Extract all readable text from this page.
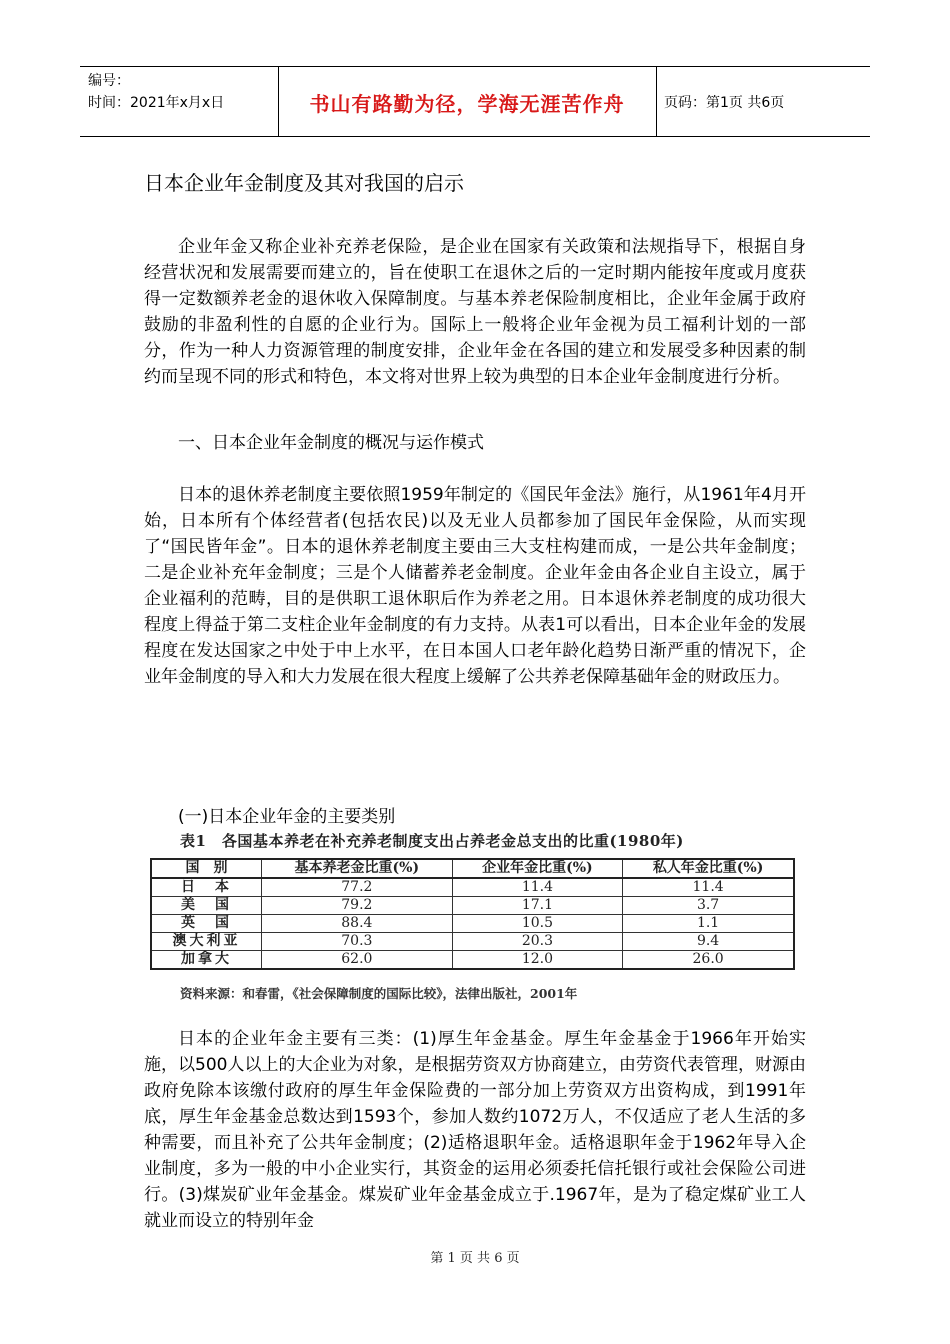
编号：
时间：2021年x月x日	书山有路勤为径，学海无涯苦作舟	页码：第1页 共6页
日本企业年金制度及其对我国的启示

企业年金又称企业补充养老保险，是企业在国家有关政策和法规指导下，根据自身经营状况和发展需要而建立的，旨在使职工在退休之后的一定时期内能按年度或月度获得一定数额养老金的退休收入保障制度。与基本养老保险制度相比，企业年金属于政府鼓励的非盈利性的自愿的企业行为。国际上一般将企业年金视为员工福利计划的一部分，作为一种人力资源管理的制度安排，企业年金在各国的建立和发展受多种因素的制约而呈现不同的形式和特色，本文将对世界上较为典型的日本企业年金制度进行分析。

一、日本企业年金制度的概况与运作模式

日本的退休养老制度主要依照1959年制定的《国民年金法》施行，从1961年4月开始，日本所有个体经营者(包括农民)以及无业人员都参加了国民年金保险，从而实现了“国民皆年金”。日本的退休养老制度主要由三大支柱构建而成，一是公共年金制度；二是企业补充年金制度；三是个人储蓄养老金制度。企业年金由各企业自主设立，属于企业福利的范畴，目的是供职工退休职后作为养老之用。日本退休养老制度的成功很大程度上得益于第二支柱企业年金制度的有力支持。从表1可以看出，日本企业年金的发展程度在发达国家之中处于中上水平，在日本国人口老年龄化趋势日渐严重的情况下，企业年金制度的导入和大力发展在很大程度上缓解了公共养老保障基础年金的财政压力。

(一)日本企业年金的主要类别
表1　各国基本养老在补充养老制度支出占养老金总支出的比重(1980年)
国　别	基本养老金比重(%)	企业年金比重(%)	私人年金比重(%)
日　本	77.2	11.4	11.4
美　国	79.2	17.1	3.7
英　国	88.4	10.5	1.1
澳大利亚	70.3	20.3	9.4
加拿大	62.0	12.0	26.0
资料来源：和春雷，《社会保障制度的国际比较》，法律出版社，2001年

日本的企业年金主要有三类：(1)厚生年金基金。厚生年金基金于1966年开始实施，以500人以上的大企业为对象，是根据劳资双方协商建立，由劳资代表管理，财源由政府免除本该缴付政府的厚生年金保险费的一部分加上劳资双方出资构成，到1991年底，厚生年金基金总数达到1593个，参加人数约1072万人，不仅适应了老人生活的多种需要，而且补充了公共年金制度；(2)适格退职年金。适格退职年金于1962年导入企业制度，多为一般的中小企业实行，其资金的运用必须委托信托银行或社会保险公司进行。(3)煤炭矿业年金基金。煤炭矿业年金基金成立于.1967年，是为了稳定煤矿业工人就业而设立的特别年金

第 1 页 共 6 页
